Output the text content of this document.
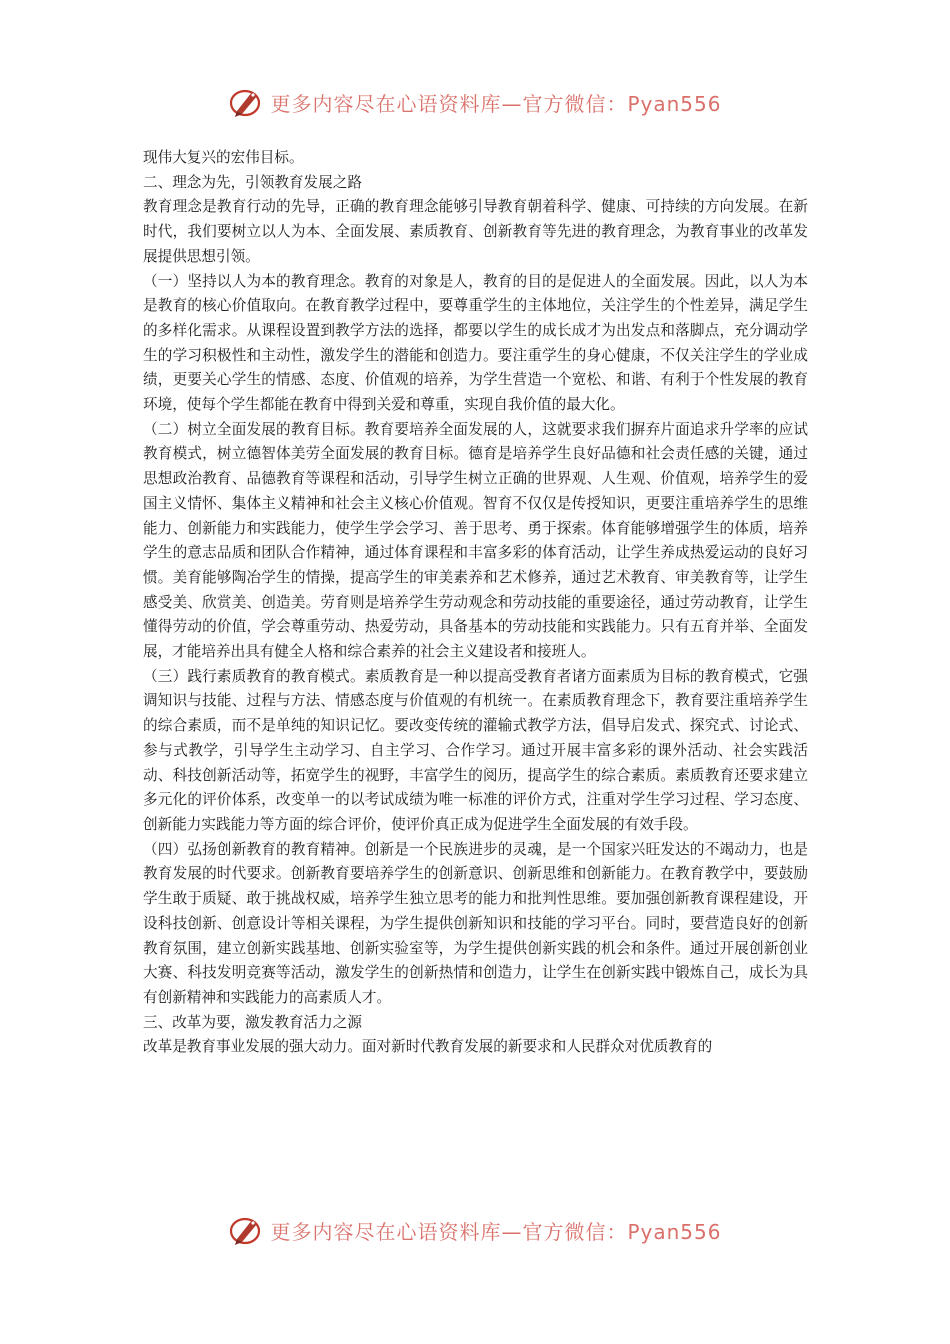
更多内容尽在心语资料库—官方微信：Pyan556

现伟大复兴的宏伟目标。

二、理念为先，引领教育发展之路

教育理念是教育行动的先导，正确的教育理念能够引导教育朝着科学、健康、可持续的方向发展。在新时代，我们要树立以人为本、全面发展、素质教育、创新教育等先进的教育理念，为教育事业的改革发展提供思想引领。

（一）坚持以人为本的教育理念。教育的对象是人，教育的目的是促进人的全面发展。因此，以人为本是教育的核心价值取向。在教育教学过程中，要尊重学生的主体地位，关注学生的个性差异，满足学生的多样化需求。从课程设置到教学方法的选择，都要以学生的成长成才为出发点和落脚点，充分调动学生的学习积极性和主动性，激发学生的潜能和创造力。要注重学生的身心健康，不仅关注学生的学业成绩，更要关心学生的情感、态度、价值观的培养，为学生营造一个宽松、和谐、有利于个性发展的教育环境，使每个学生都能在教育中得到关爱和尊重，实现自我价值的最大化。

（二）树立全面发展的教育目标。教育要培养全面发展的人，这就要求我们摒弃片面追求升学率的应试教育模式，树立德智体美劳全面发展的教育目标。德育是培养学生良好品德和社会责任感的关键，通过思想政治教育、品德教育等课程和活动，引导学生树立正确的世界观、人生观、价值观，培养学生的爱国主义情怀、集体主义精神和社会主义核心价值观。智育不仅仅是传授知识，更要注重培养学生的思维能力、创新能力和实践能力，使学生学会学习、善于思考、勇于探索。体育能够增强学生的体质，培养学生的意志品质和团队合作精神，通过体育课程和丰富多彩的体育活动，让学生养成热爱运动的良好习惯。美育能够陶冶学生的情操，提高学生的审美素养和艺术修养，通过艺术教育、审美教育等，让学生感受美、欣赏美、创造美。劳育则是培养学生劳动观念和劳动技能的重要途径，通过劳动教育，让学生懂得劳动的价值，学会尊重劳动、热爱劳动，具备基本的劳动技能和实践能力。只有五育并举、全面发展，才能培养出具有健全人格和综合素养的社会主义建设者和接班人。

（三）践行素质教育的教育模式。素质教育是一种以提高受教育者诸方面素质为目标的教育模式，它强调知识与技能、过程与方法、情感态度与价值观的有机统一。在素质教育理念下，教育要注重培养学生的综合素质，而不是单纯的知识记忆。要改变传统的灌输式教学方法，倡导启发式、探究式、讨论式、参与式教学，引导学生主动学习、自主学习、合作学习。通过开展丰富多彩的课外活动、社会实践活动、科技创新活动等，拓宽学生的视野，丰富学生的阅历，提高学生的综合素质。素质教育还要求建立多元化的评价体系，改变单一的以考试成绩为唯一标准的评价方式，注重对学生学习过程、学习态度、创新能力实践能力等方面的综合评价，使评价真正成为促进学生全面发展的有效手段。

（四）弘扬创新教育的教育精神。创新是一个民族进步的灵魂，是一个国家兴旺发达的不竭动力，也是教育发展的时代要求。创新教育要培养学生的创新意识、创新思维和创新能力。在教育教学中，要鼓励学生敢于质疑、敢于挑战权威，培养学生独立思考的能力和批判性思维。要加强创新教育课程建设，开设科技创新、创意设计等相关课程，为学生提供创新知识和技能的学习平台。同时，要营造良好的创新教育氛围，建立创新实践基地、创新实验室等，为学生提供创新实践的机会和条件。通过开展创新创业大赛、科技发明竞赛等活动，激发学生的创新热情和创造力，让学生在创新实践中锻炼自己，成长为具有创新精神和实践能力的高素质人才。

三、改革为要，激发教育活力之源

改革是教育事业发展的强大动力。面对新时代教育发展的新要求和人民群众对优质教育的

更多内容尽在心语资料库—官方微信：Pyan556
